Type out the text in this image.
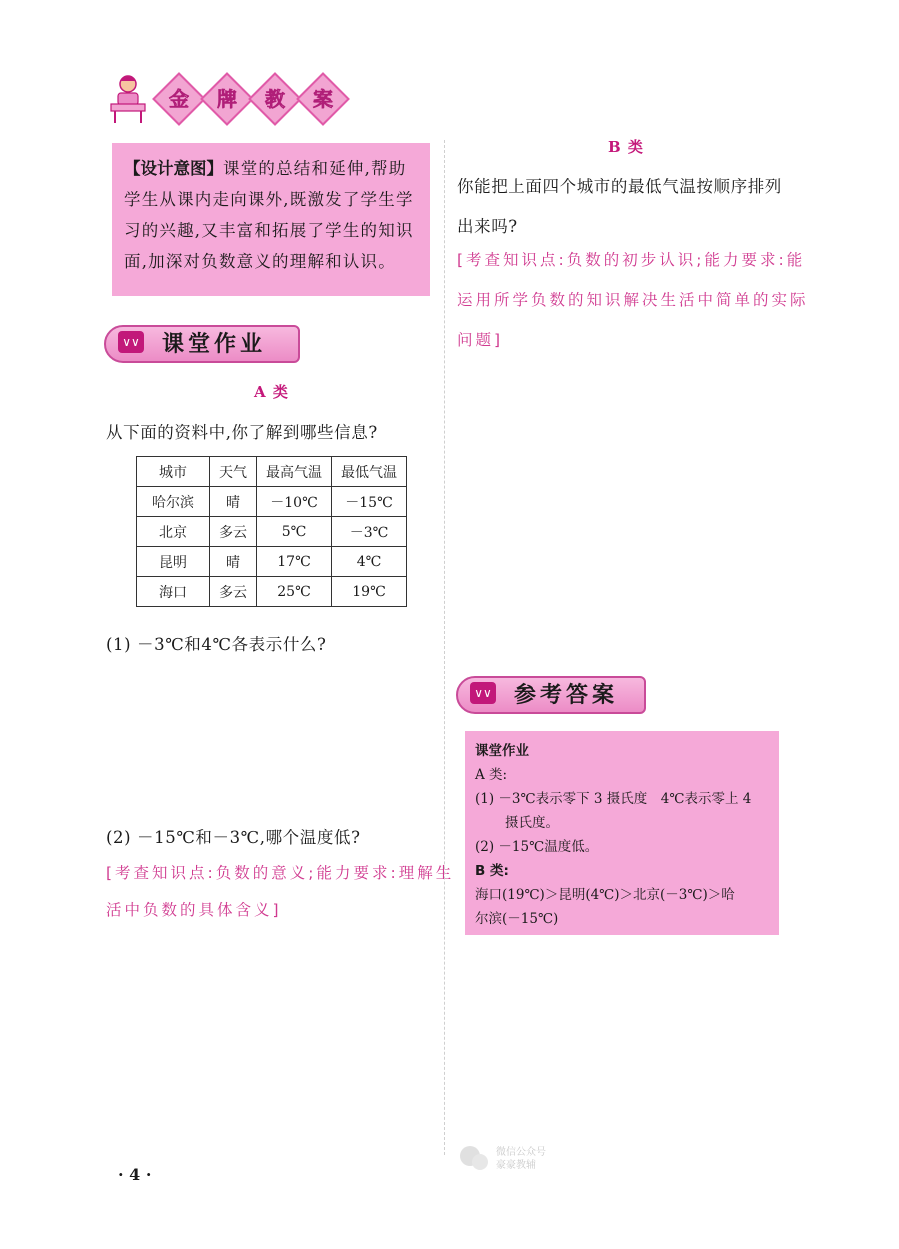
金	牌	教	案
【设计意图】课堂的总结和延伸,帮助学生从课内走向课外,既激发了学生学习的兴趣,又丰富和拓展了学生的知识面,加深对负数意义的理解和认识。
∨∨ 课堂作业
A 类
从下面的资料中,你了解到哪些信息?
城市	天气	最高气温	最低气温
哈尔滨	晴	－10℃	－15℃
北京	多云	5℃	－3℃
昆明	晴	17℃	4℃
海口	多云	25℃	19℃
(1) －3℃和4℃各表示什么?
(2) －15℃和－3℃,哪个温度低?
[考查知识点:负数的意义;能力要求:理解生
活中负数的具体含义]
B 类
你能把上面四个城市的最低气温按顺序排列
出来吗?
[考查知识点:负数的初步认识;能力要求:能
运用所学负数的知识解决生活中简单的实际
问题]
∨∨ 参考答案
课堂作业
A 类:
(1) －3℃表示零下 3 摄氏度　4℃表示零上 4
摄氏度。
(2) －15℃温度低。
B 类:
海口(19℃)＞昆明(4℃)＞北京(－3℃)＞哈
尔滨(－15℃)
· 4 ·
微信公众号
豪豪教辅
